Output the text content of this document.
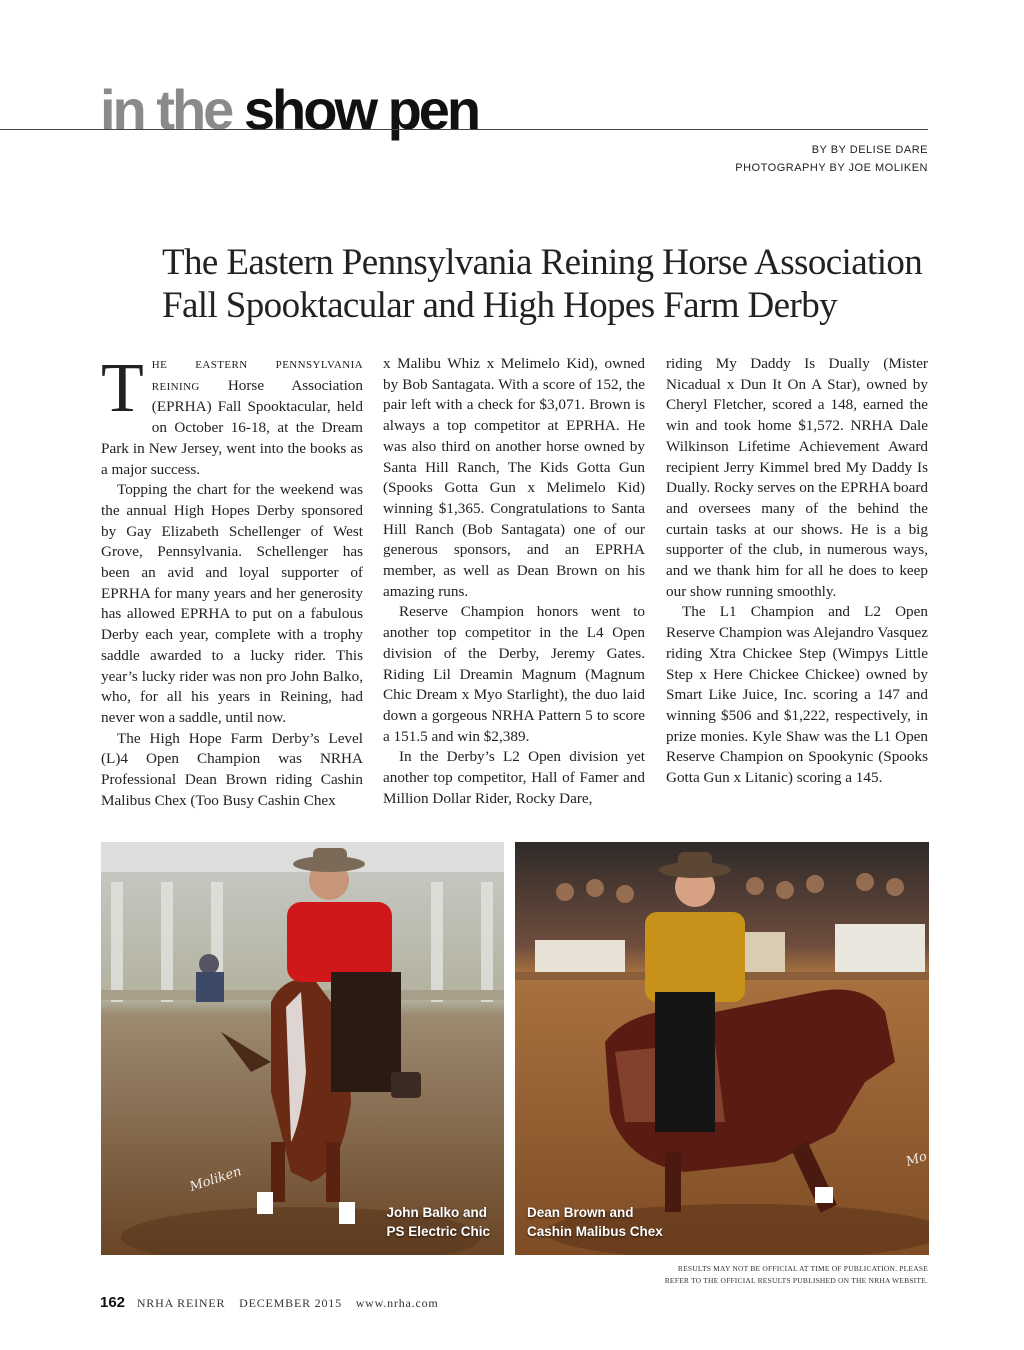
in the show pen
BY BY DELISE DARE
PHOTOGRAPHY BY JOE MOLIKEN
The Eastern Pennsylvania Reining Horse Association Fall Spooktacular and High Hopes Farm Derby

THE EASTERN PENNSYLVANIA REINING Horse Association (EPRHA) Fall Spooktacular, held on October 16-18, at the Dream Park in New Jersey, went into the books as a major success.

Topping the chart for the weekend was the annual High Hopes Derby sponsored by Gay Elizabeth Schellenger of West Grove, Pennsylvania. Schellenger has been an avid and loyal supporter of EPRHA for many years and her generosity has allowed EPRHA to put on a fabulous Derby each year, complete with a trophy saddle awarded to a lucky rider. This year’s lucky rider was non pro John Balko, who, for all his years in Reining, had never won a saddle, until now.

The High Hope Farm Derby’s Level (L)4 Open Champion was NRHA Professional Dean Brown riding Cashin Malibus Chex (Too Busy Cashin Chex

x Malibu Whiz x Melimelo Kid), owned by Bob Santagata. With a score of 152, the pair left with a check for $3,071. Brown is always a top competitor at EPRHA. He was also third on another horse owned by Santa Hill Ranch, The Kids Gotta Gun (Spooks Gotta Gun x Melimelo Kid) winning $1,365. Congratulations to Santa Hill Ranch (Bob Santagata) one of our generous sponsors, and an EPRHA member, as well as Dean Brown on his amazing runs.

Reserve Champion honors went to another top competitor in the L4 Open division of the Derby, Jeremy Gates. Riding Lil Dreamin Magnum (Magnum Chic Dream x Myo Starlight), the duo laid down a gorgeous NRHA Pattern 5 to score a 151.5 and win $2,389.

In the Derby’s L2 Open division yet another top competitor, Hall of Famer and Million Dollar Rider, Rocky Dare,

riding My Daddy Is Dually (Mister Nicadual x Dun It On A Star), owned by Cheryl Fletcher, scored a 148, earned the win and took home $1,572. NRHA Dale Wilkinson Lifetime Achievement Award recipient Jerry Kimmel bred My Daddy Is Dually. Rocky serves on the EPRHA board and oversees many of the behind the curtain tasks at our shows. He is a big supporter of the club, in numerous ways, and we thank him for all he does to keep our show running smoothly.

The L1 Champion and L2 Open Reserve Champion was Alejandro Vasquez riding Xtra Chickee Step (Wimpys Little Step x Here Chickee Chickee) owned by Smart Like Juice, Inc. scoring a 147 and winning $506 and $1,222, respectively, in prize monies. Kyle Shaw was the L1 Open Reserve Champion on Spookynic (Spooks Gotta Gun x Litanic) scoring a 145.

Moliken
John Balko and
PS Electric Chic
Mo
Dean Brown and
Cashin Malibus Chex
RESULTS MAY NOT BE OFFICIAL AT TIME OF PUBLICATION. PLEASE
REFER TO THE OFFICIAL RESULTS PUBLISHED ON THE NRHA WEBSITE.
162 NRHA REINER DECEMBER 2015 www.nrha.com
